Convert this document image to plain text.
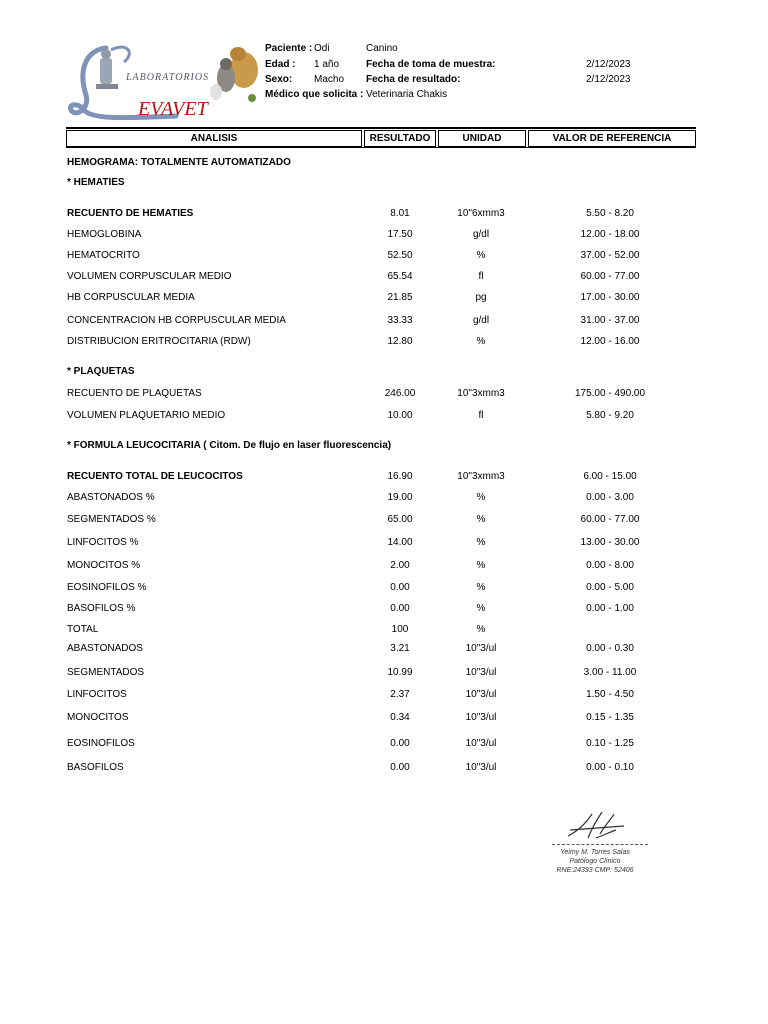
LABORATORIOS
EVAVET
Paciente : Odi	Canino
Edad : 1 año	Fecha de toma de muestra:	2/12/2023
Sexo: Macho Fecha de resultado:	2/12/2023
Médico que solicita : Veterinaria Chakis
ANALISIS	RESULTADO	UNIDAD	VALOR DE REFERENCIA
HEMOGRAMA: TOTALMENTE AUTOMATIZADO
* HEMATIES
* PLAQUETAS
* FORMULA LEUCOCITARIA ( Citom. De flujo en laser fluorescencia)
RECUENTO DE HEMATIES	8.01	10"6xmm3	5.50 - 8.20
HEMOGLOBINA	17.50	g/dl	12.00 - 18.00
HEMATOCRITO	52.50	%	37.00 - 52.00
VOLUMEN CORPUSCULAR MEDIO	65.54	fl	60.00 - 77.00
HB CORPUSCULAR MEDIA	21.85	pg	17.00 - 30.00
CONCENTRACION HB CORPUSCULAR MEDIA	33.33	g/dl	31.00 - 37.00
DISTRIBUCION ERITROCITARIA (RDW)	12.80	%	12.00 - 16.00
RECUENTO DE PLAQUETAS	246.00	10"3xmm3	175.00 - 490.00
VOLUMEN PLAQUETARIO MEDIO	10.00	fl	5.80 - 9.20
RECUENTO TOTAL DE LEUCOCITOS	16.90	10"3xmm3	6.00 - 15.00
ABASTONADOS %	19.00	%	0.00 - 3.00
SEGMENTADOS %	65.00	%	60.00 - 77.00
LINFOCITOS %	14.00	%	13.00 - 30.00
MONOCITOS %	2.00	%	0.00 - 8.00
EOSINOFILOS %	0.00	%	0.00 - 5.00
BASOFILOS %	0.00	%	0.00 - 1.00
TOTAL	100	%
ABASTONADOS	3.21	10"3/ul	0.00 - 0.30
SEGMENTADOS	10.99	10"3/ul	3.00 - 11.00
LINFOCITOS	2.37	10"3/ul	1.50 - 4.50
MONOCITOS	0.34	10"3/ul	0.15 - 1.35
EOSINOFILOS	0.00	10"3/ul	0.10 - 1.25
BASOFILOS	0.00	10"3/ul	0.00 - 0.10
Yeimy M. Torres Salas
Patólogo Clínico
RNE:24393 CMP: 52406
